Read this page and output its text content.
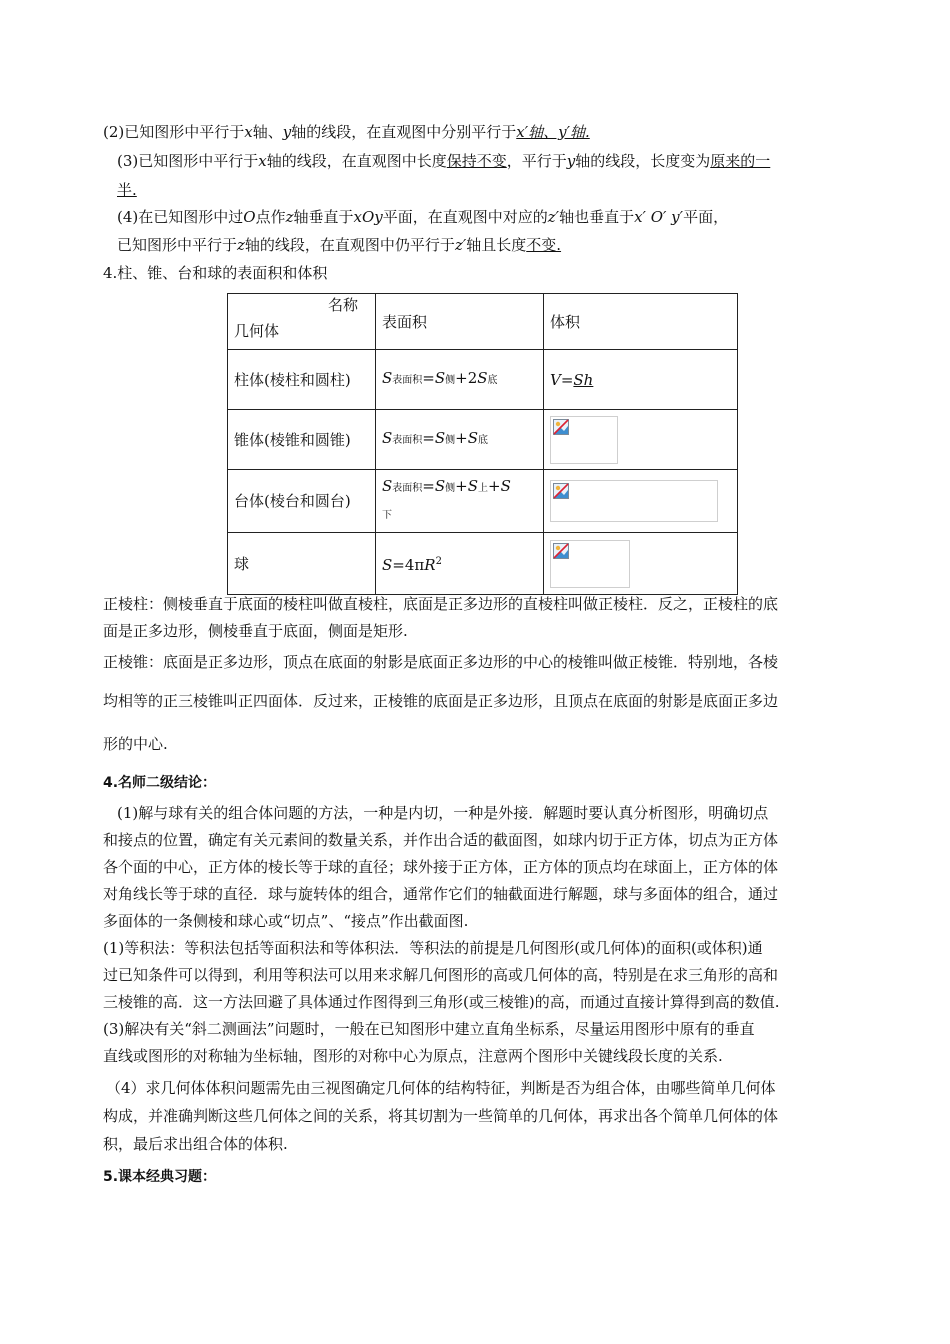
(2)已知图形中平行于x轴、y轴的线段，在直观图中分别平行于x′轴、y′轴.
(3)已知图形中平行于x轴的线段，在直观图中长度保持不变，平行于y轴的线段，长度变为原来的一
半.
(4)在已知图形中过O点作z轴垂直于xOy平面，在直观图中对应的z′轴也垂直于x′ O′ y′平面，
已知图形中平行于z轴的线段，在直观图中仍平行于z′轴且长度不变.
4.柱、锥、台和球的表面积和体积
名称
几何体	表面积	体积
柱体(棱柱和圆柱)	S表面积=S侧+2S底	V=Sh
锥体(棱锥和圆锥)	S表面积=S侧+S底	

台体(棱台和圆台)	S表面积=S侧+S上+S
下	

球	$S=4\pi R^2$	
正棱柱：侧棱垂直于底面的棱柱叫做直棱柱，底面是正多边形的直棱柱叫做正棱柱．反之，正棱柱的底
面是正多边形，侧棱垂直于底面，侧面是矩形.
正棱锥：底面是正多边形，顶点在底面的射影是底面正多边形的中心的棱锥叫做正棱锥．特别地，各棱
均相等的正三棱锥叫正四面体．反过来，正棱锥的底面是正多边形，且顶点在底面的射影是底面正多边
形的中心.
4.名师二级结论：
(1)解与球有关的组合体问题的方法，一种是内切，一种是外接．解题时要认真分析图形，明确切点
和接点的位置，确定有关元素间的数量关系，并作出合适的截面图，如球内切于正方体，切点为正方体
各个面的中心，正方体的棱长等于球的直径；球外接于正方体，正方体的顶点均在球面上，正方体的体
对角线长等于球的直径．球与旋转体的组合，通常作它们的轴截面进行解题，球与多面体的组合，通过
多面体的一条侧棱和球心或“切点”、“接点”作出截面图.
(1)等积法：等积法包括等面积法和等体积法．等积法的前提是几何图形(或几何体)的面积(或体积)通
过已知条件可以得到，利用等积法可以用来求解几何图形的高或几何体的高，特别是在求三角形的高和
三棱锥的高．这一方法回避了具体通过作图得到三角形(或三棱锥)的高，而通过直接计算得到高的数值.
(3)解决有关“斜二测画法”问题时，一般在已知图形中建立直角坐标系，尽量运用图形中原有的垂直
直线或图形的对称轴为坐标轴，图形的对称中心为原点，注意两个图形中关键线段长度的关系.
（4）求几何体体积问题需先由三视图确定几何体的结构特征，判断是否为组合体，由哪些简单几何体
构成，并准确判断这些几何体之间的关系，将其切割为一些简单的几何体，再求出各个简单几何体的体
积，最后求出组合体的体积.
5.课本经典习题：
